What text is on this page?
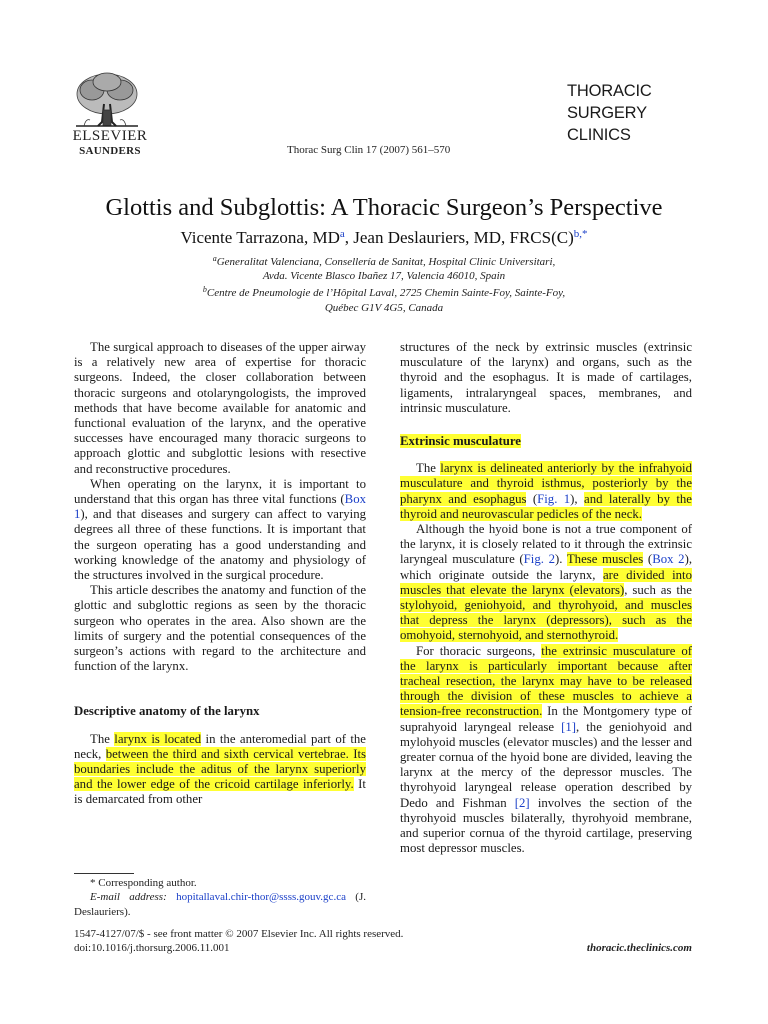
ELSEVIER
SAUNDERS	Thorac Surg Clin 17 (2007) 561–570
THORACIC
SURGERY
CLINICS
Glottis and Subglottis: A Thoracic Surgeon’s Perspective
Vicente Tarrazona, $MD^a$, Jean Deslauriers, MD, $FRCS(C)^{b,*}$
$^a$Generalitat Valenciana, Consellería de Sanitat, Hospital Clinic Universitari,
Avda. Vicente Blasco Ibañez 17, Valencia 46010, Spain
$^b$Centre de Pneumologie de l’Hôpital Laval, 2725 Chemin Sainte-Foy, Sainte-Foy,
Québec G1V 4G5, Canada

The surgical approach to diseases of the upper airway is a relatively new area of expertise for thoracic surgeons. Indeed, the closer collaboration between thoracic surgeons and otolaryngologists, the improved methods that have become available for anatomic and functional evaluation of the larynx, and the operative successes have encouraged many thoracic surgeons to approach glottic and subglottic lesions with resective and reconstructive procedures.

When operating on the larynx, it is important to understand that this organ has three vital functions (Box 1), and that diseases and surgery can affect to varying degrees all three of these functions. It is important that the surgeon operating has a good understanding and working knowledge of the anatomy and physiology of the structures involved in the surgical procedure.

This article describes the anatomy and function of the glottic and subglottic regions as seen by the thoracic surgeon who operates in the area. Also shown are the limits of surgery and the potential consequences of the surgeon’s actions with regard to the architecture and function of the larynx.

Descriptive anatomy of the larynx

The larynx is located in the anteromedial part of the neck, between the third and sixth cervical vertebrae. Its boundaries include the aditus of the larynx superiorly and the lower edge of the cricoid cartilage inferiorly. It is demarcated from other

structures of the neck by extrinsic muscles (extrinsic musculature of the larynx) and organs, such as the thyroid and the esophagus. It is made of cartilages, ligaments, intralaryngeal spaces, membranes, and intrinsic musculature.

Extrinsic musculature

The larynx is delineated anteriorly by the infrahyoid musculature and thyroid isthmus, posteriorly by the pharynx and esophagus (Fig. 1), and laterally by the thyroid and neurovascular pedicles of the neck.

Although the hyoid bone is not a true component of the larynx, it is closely related to it through the extrinsic laryngeal musculature (Fig. 2). These muscles (Box 2), which originate outside the larynx, are divided into muscles that elevate the larynx (elevators), such as the stylohyoid, geniohyoid, and thyrohyoid, and muscles that depress the larynx (depressors), such as the omohyoid, sternohyoid, and sternothyroid.

For thoracic surgeons, the extrinsic musculature of the larynx is particularly important because after tracheal resection, the larynx may have to be released through the division of these muscles to achieve a tension-free reconstruction. In the Montgomery type of suprahyoid laryngeal release [1], the geniohyoid and mylohyoid muscles (elevator muscles) and the lesser and greater cornua of the hyoid bone are divided, leaving the larynx at the mercy of the depressor muscles. The thyrohyoid laryngeal release operation described by Dedo and Fishman [2] involves the section of the thyrohyoid muscles bilaterally, thyrohyoid membrane, and superior cornua of the thyroid cartilage, preserving most depressor muscles.

* Corresponding author.
E-mail address: hopitallaval.chir-thor@ssss.gouv.gc.ca (J. Deslauriers).
1547-4127/07/$ - see front matter © 2007 Elsevier Inc. All rights reserved.
doi:10.1016/j.thorsurg.2006.11.001	thoracic.theclinics.com
